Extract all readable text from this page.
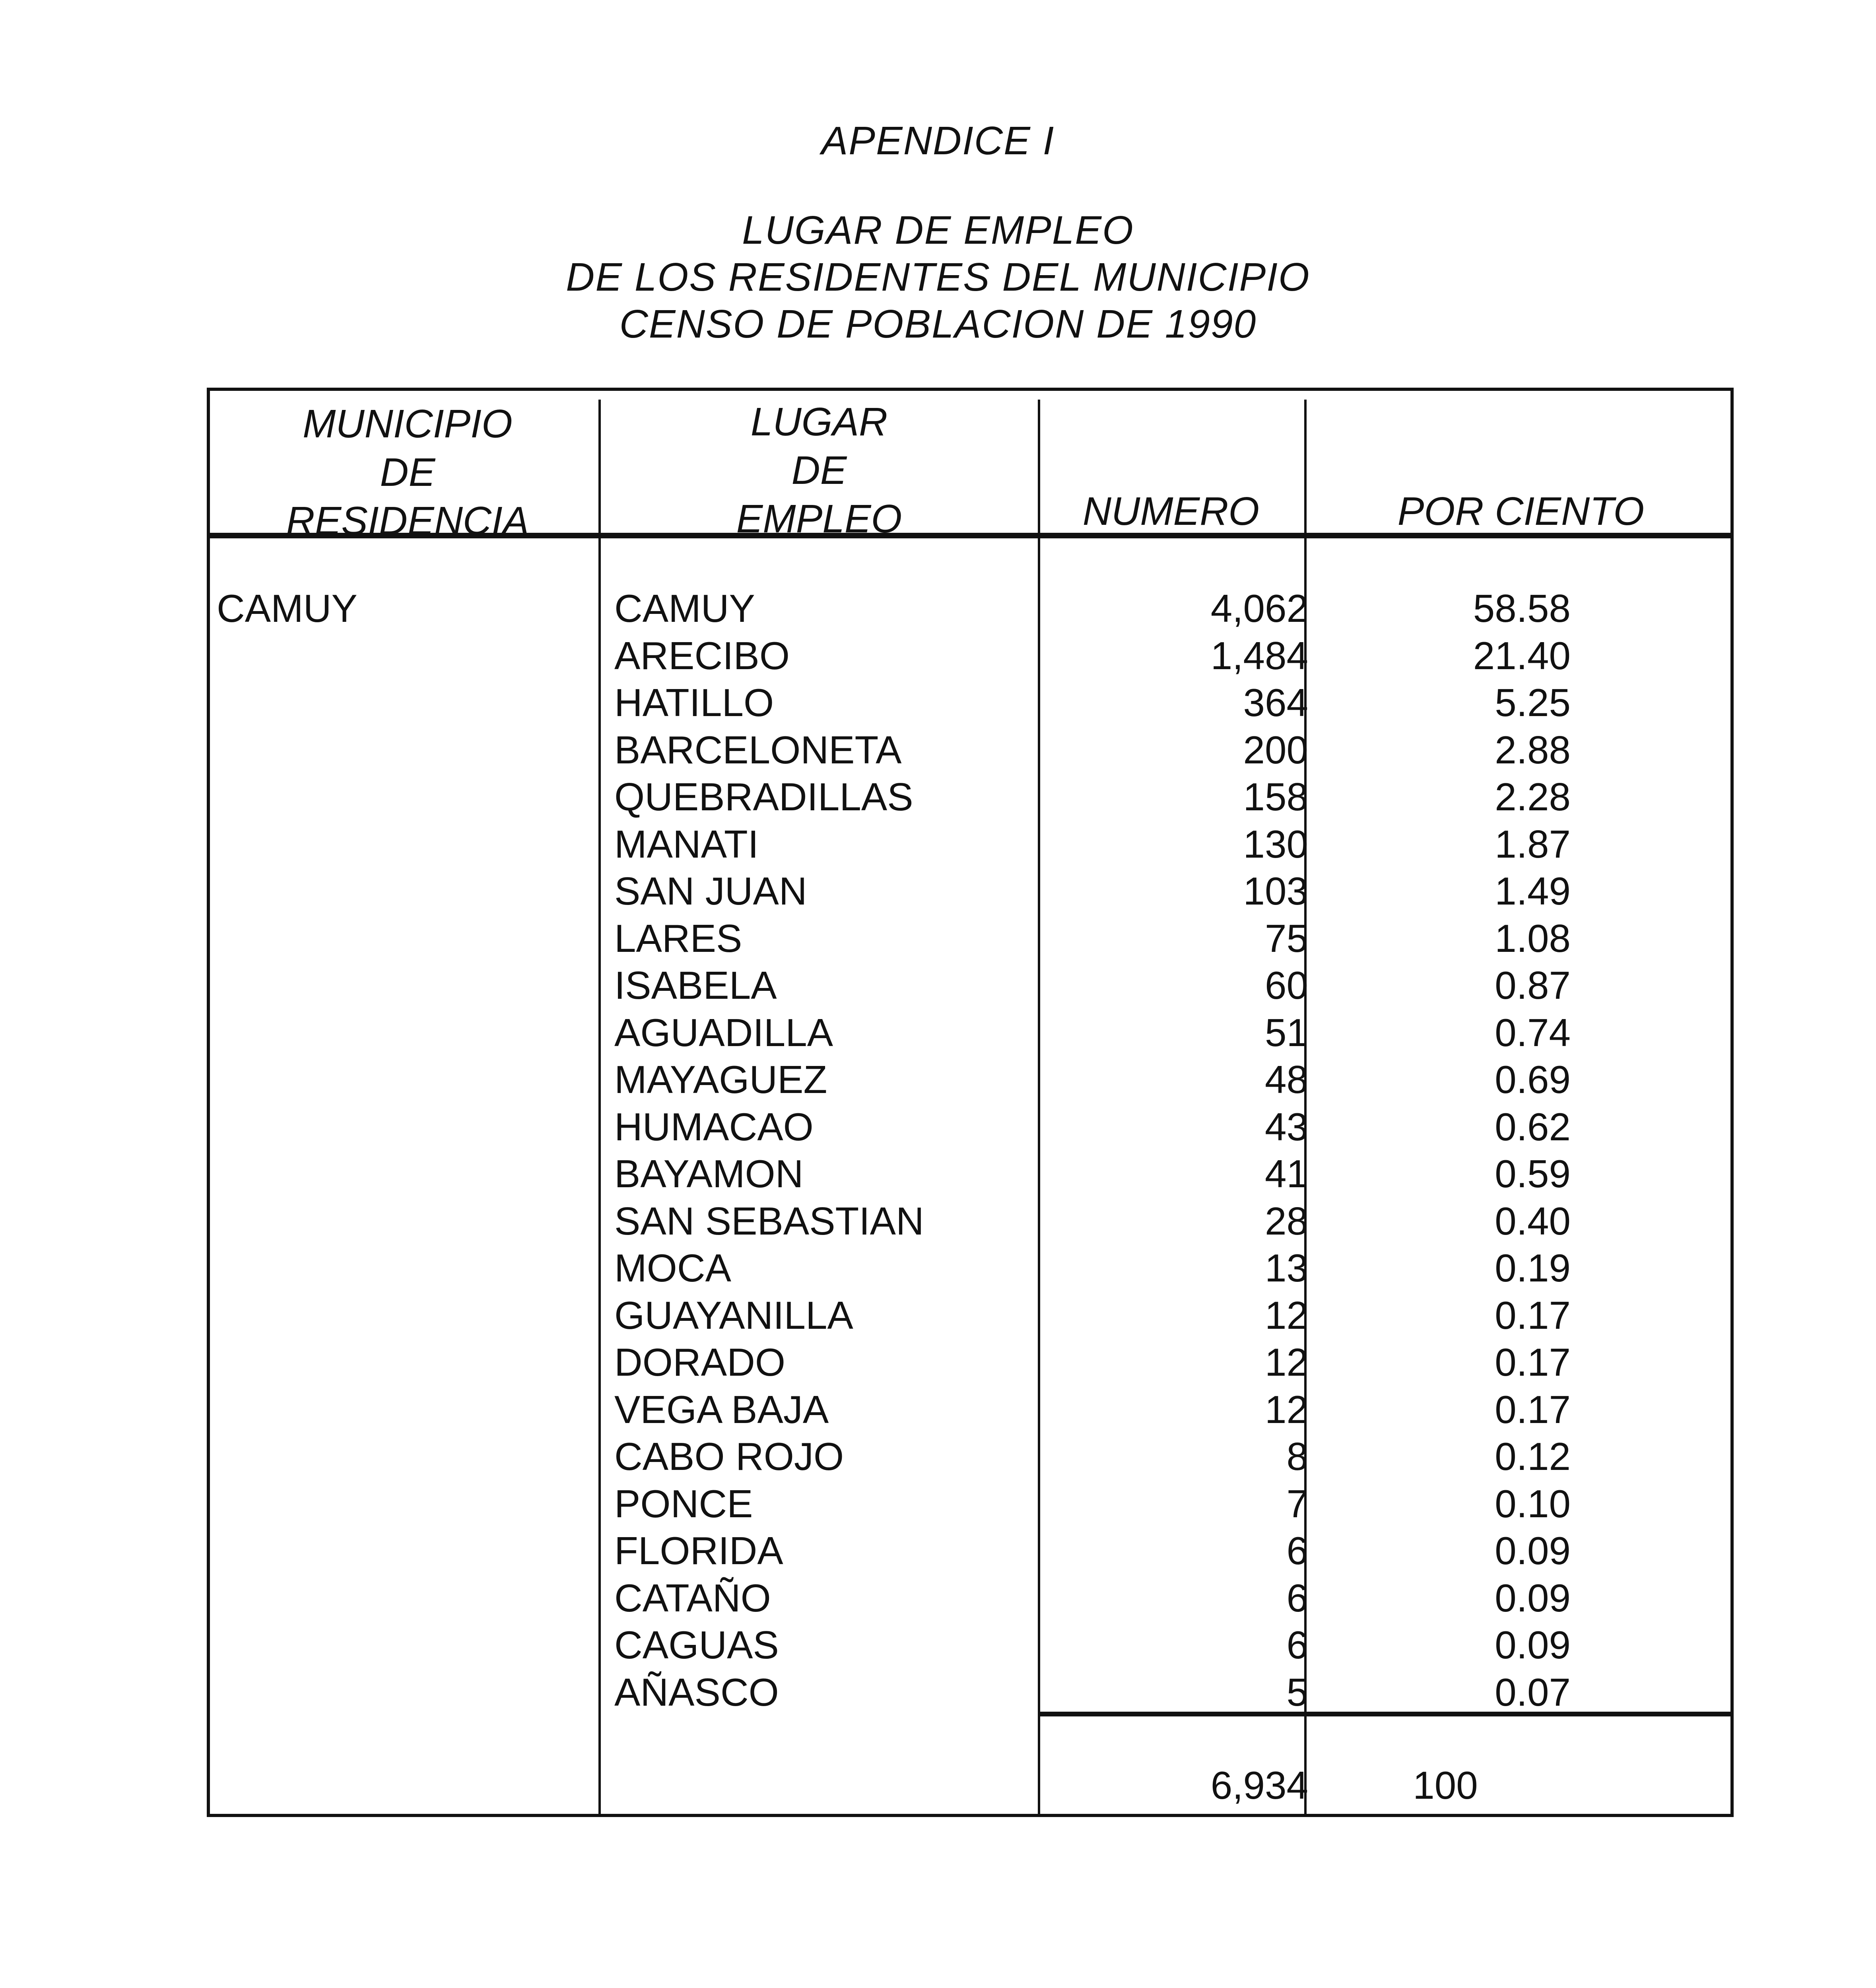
APENDICE I
LUGAR DE EMPLEO
DE LOS RESIDENTES DEL MUNICIPIO
CENSO DE POBLACION DE 1990
MUNICIPIO
DE
RESIDENCIA
LUGAR
DE
EMPLEO	NUMERO	POR CIENTO
CAMUY	CAMUY	4,062	58.58
ARECIBO	1,484	21.40
HATILLO	364	5.25
BARCELONETA	200	2.88
QUEBRADILLAS	158	2.28
MANATI	130	1.87
SAN JUAN	103	1.49
LARES	75	1.08
ISABELA	60	0.87
AGUADILLA	51	0.74
MAYAGUEZ	48	0.69
HUMACAO	43	0.62
BAYAMON	41	0.59
SAN SEBASTIAN	28	0.40
MOCA	13	0.19
GUAYANILLA	12	0.17
DORADO	12	0.17
VEGA BAJA	12	0.17
CABO ROJO	8	0.12
PONCE	7	0.10
FLORIDA	6	0.09
CATAÑO	6	0.09
CAGUAS	6	0.09
AÑASCO	5	0.07
6,934	100
